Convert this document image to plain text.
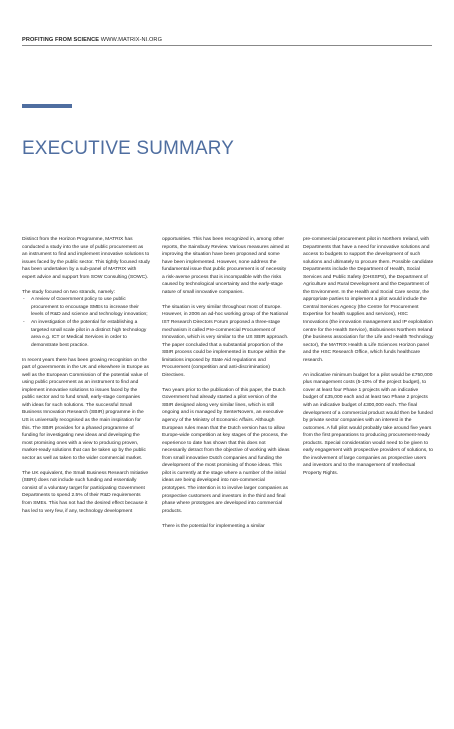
PROFITING FROM SCIENCE WWW.MATRIX-NI.ORG
EXECUTIVE SUMMARY

Distinct from the Horizon Programme, MATRIX has conducted a study into the use of public procurement as an instrument to find and implement innovative solutions to issues faced by the public sector. This tightly focused study has been undertaken by a sub-panel of MATRIX with expert advice and support from SOW Consulting (SOWC).

The study focused on two strands, namely:

- A review of Government policy to use public procurement to encourage SMEs to increase their levels of R&D and science and technology innovation;
- An investigation of the potential for establishing a targeted small scale pilot in a distinct high technology area e.g. ICT or Medical Services in order to demonstrate best practice.

In recent years there has been growing recognition on the part of governments in the UK and elsewhere in Europe as well as the European Commission of the potential value of using public procurement as an instrument to find and implement innovative solutions to issues faced by the public sector and to fund small, early-stage companies with ideas for such solutions. The successful Small Business Innovation Research (SBIR) programme in the US is universally recognised as the main inspiration for this. The SBIR provides for a phased programme of funding for investigating new ideas and developing the most promising ones with a view to producing proven, market-ready solutions that can be taken up by the public sector as well as taken to the wider commercial market.

The UK equivalent, the Small Business Research Initiative (SBRI) does not include such funding and essentially consist of a voluntary target for participating Government Departments to spend 2.5% of their R&D requirements from SMEs. This has not had the desired effect because it has led to very few, if any, technology development

opportunities. This has been recognized in, among other reports, the Sainsbury Review. Various measures aimed at improving the situation have been proposed and some have been implemented. However, none address the fundamental issue that public procurement is of necessity a risk-averse process that is incompatible with the risks caused by technological uncertainty and the early-stage nature of small innovative companies.

The situation is very similar throughout most of Europe. However, in 2006 an ad-hoc working group of the National IST Research Directors Forum proposed a three-stage mechanism it called Pre-commercial Procurement of Innovation, which is very similar to the US SBIR approach. The paper concluded that a substantial proportion of the SBIR process could be implemented in Europe within the limitations imposed by State Aid regulations and Procurement (competition and anti-discrimination) Directives.

Two years prior to the publication of this paper, the Dutch Government had already started a pilot version of the SBIR designed along very similar lines, which is still ongoing and is managed by SenterNovem, an executive agency of the Ministry of Economic Affairs. Although European rules mean that the Dutch version has to allow Europe-wide competition at key stages of the process, the experience to date has shown that this does not necessarily detract from the objective of working with ideas from small innovative Dutch companies and funding the development of the most promising of those ideas. This pilot is currently at the stage where a number of the initial ideas are being developed into non-commercial prototypes. The intention is to involve larger companies as prospective customers and investors in the third and final phase where prototypes are developed into commercial products.

There is the potential for implementing a similar

pre-commercial procurement pilot in Northern Ireland, with Departments that have a need for innovative solutions and access to budgets to support the development of such solutions and ultimately to procure them. Possible candidate Departments include the Department of Health, Social Services and Public Safety (DHSSPS), the Department of Agriculture and Rural Development and the Department of the Environment. In the Health and Social Care sector, the appropriate parties to implement a pilot would include the Central Services Agency (the Centre for Procurement Expertise for health supplies and services), HSC Innovations (the innovation management and IP exploitation centre for the Health Service), Biobusiness Northern Ireland (the business association for the Life and Health Technology sector), the MATRIX Health & Life Sciences Horizon panel and the HSC Research Office, which funds healthcare research.

An indicative minimum budget for a pilot would be £750,000 plus management costs (5-10% of the project budget), to cover at least four Phase 1 projects with an indicative budget of £35,000 each and at least two Phase 2 projects with an indicative budget of £300,000 each. The final development of a commercial product would then be funded by private sector companies with an interest in the outcomes. A full pilot would probably take around five years from the first preparations to producing procurement-ready products. Special consideration would need to be given to early engagement with prospective providers of solutions, to the involvement of large companies as prospective users and investors and to the management of Intellectual Property Rights.
